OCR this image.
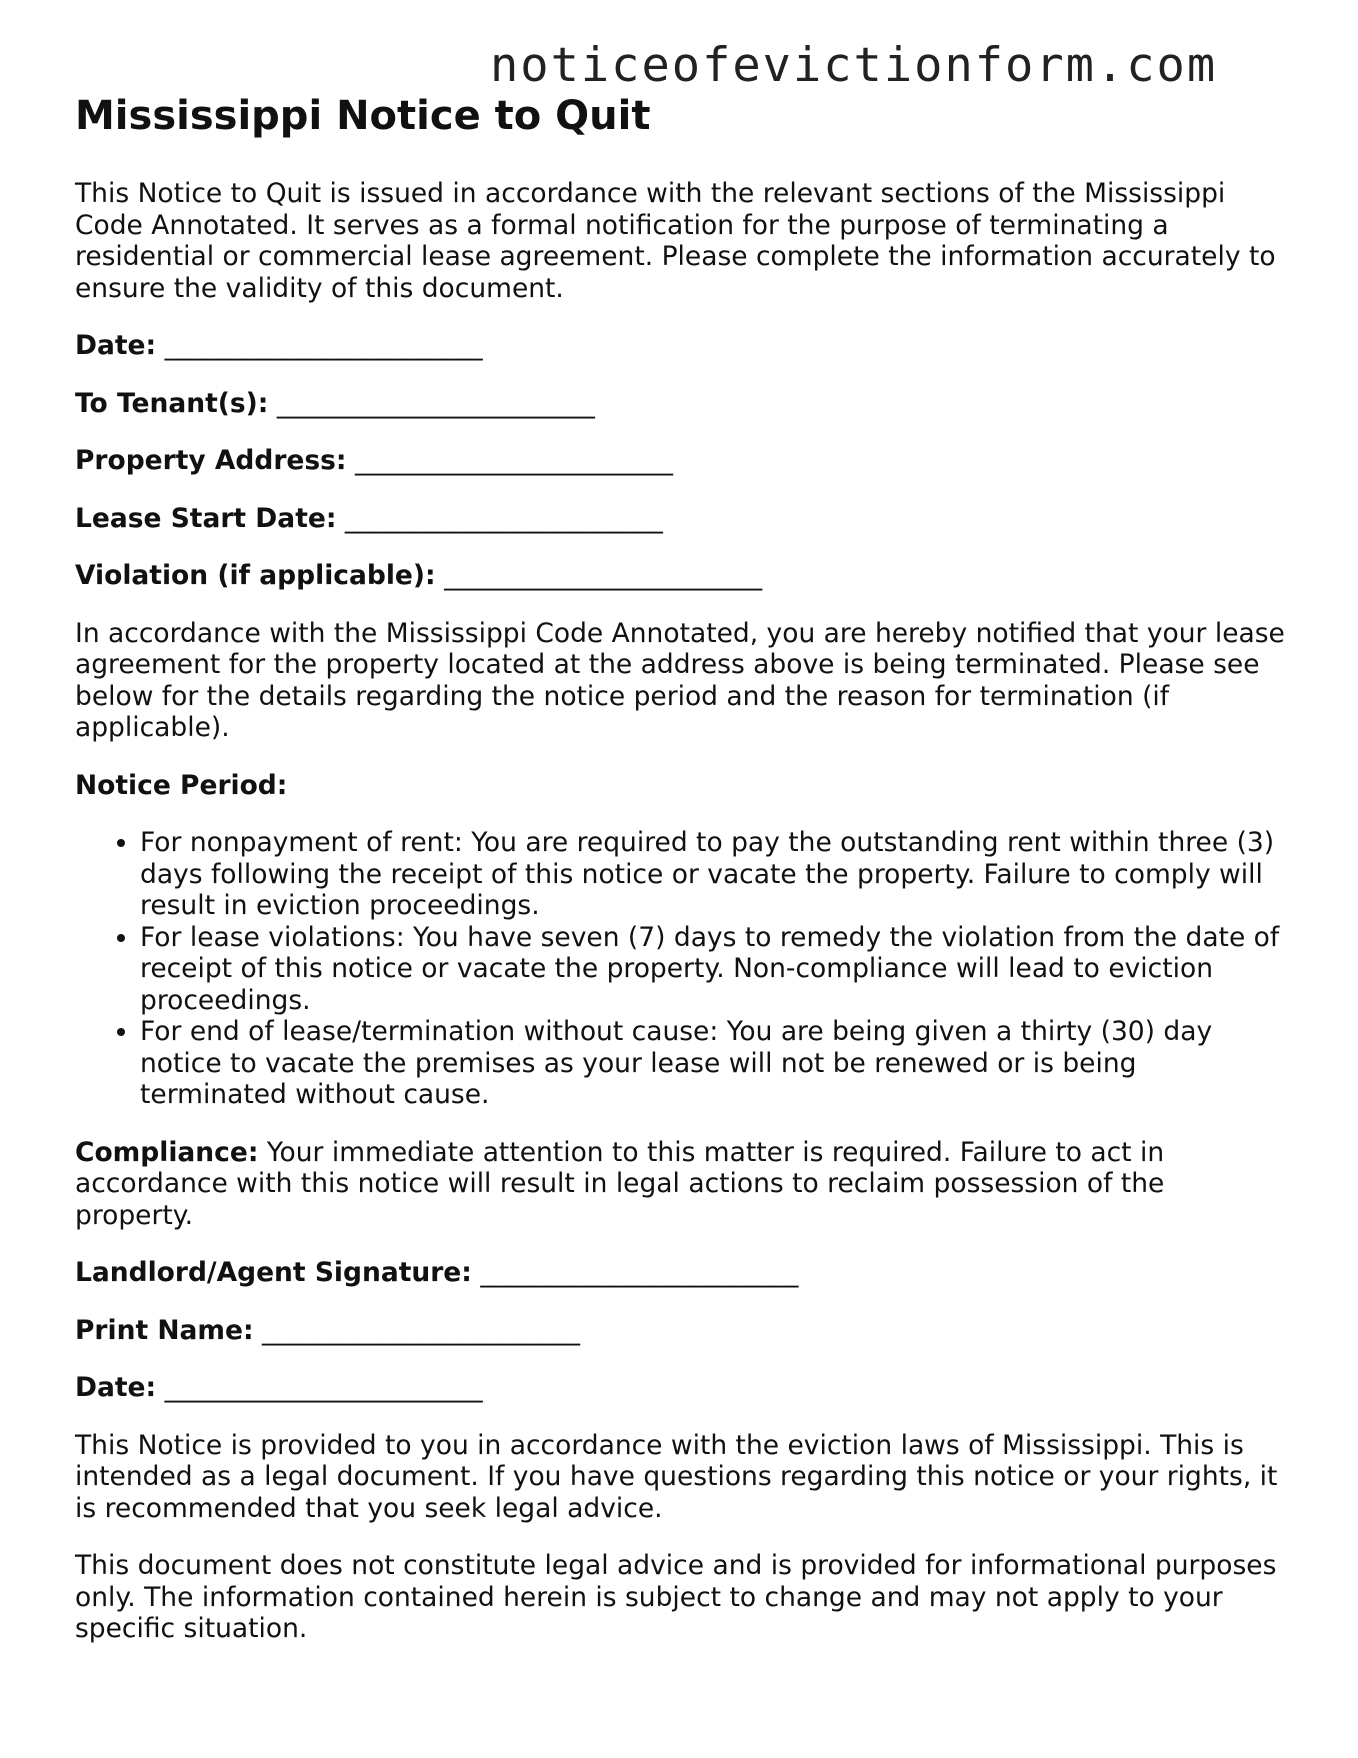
noticeofevictionform.com
Mississippi Notice to Quit

This Notice to Quit is issued in accordance with the relevant sections of the Mississippi Code Annotated. It serves as a formal notification for the purpose of terminating a residential or commercial lease agreement. Please complete the information accurately to ensure the validity of this document.

Date: ________________________
To Tenant(s): ________________________
Property Address: ________________________
Lease Start Date: ________________________
Violation (if applicable): ________________________

In accordance with the Mississippi Code Annotated, you are hereby notified that your lease agreement for the property located at the address above is being terminated. Please see below for the details regarding the notice period and the reason for termination (if applicable).

Notice Period:
• For nonpayment of rent: You are required to pay the outstanding rent within three (3) days following the receipt of this notice or vacate the property. Failure to comply will result in eviction proceedings.
• For lease violations: You have seven (7) days to remedy the violation from the date of receipt of this notice or vacate the property. Non-compliance will lead to eviction proceedings.
• For end of lease/termination without cause: You are being given a thirty (30) day notice to vacate the premises as your lease will not be renewed or is being terminated without cause.

Compliance: Your immediate attention to this matter is required. Failure to act in accordance with this notice will result in legal actions to reclaim possession of the property.

Landlord/Agent Signature: ________________________
Print Name: ________________________
Date: ________________________

This Notice is provided to you in accordance with the eviction laws of Mississippi. This is intended as a legal document. If you have questions regarding this notice or your rights, it is recommended that you seek legal advice.

This document does not constitute legal advice and is provided for informational purposes only. The information contained herein is subject to change and may not apply to your specific situation.
